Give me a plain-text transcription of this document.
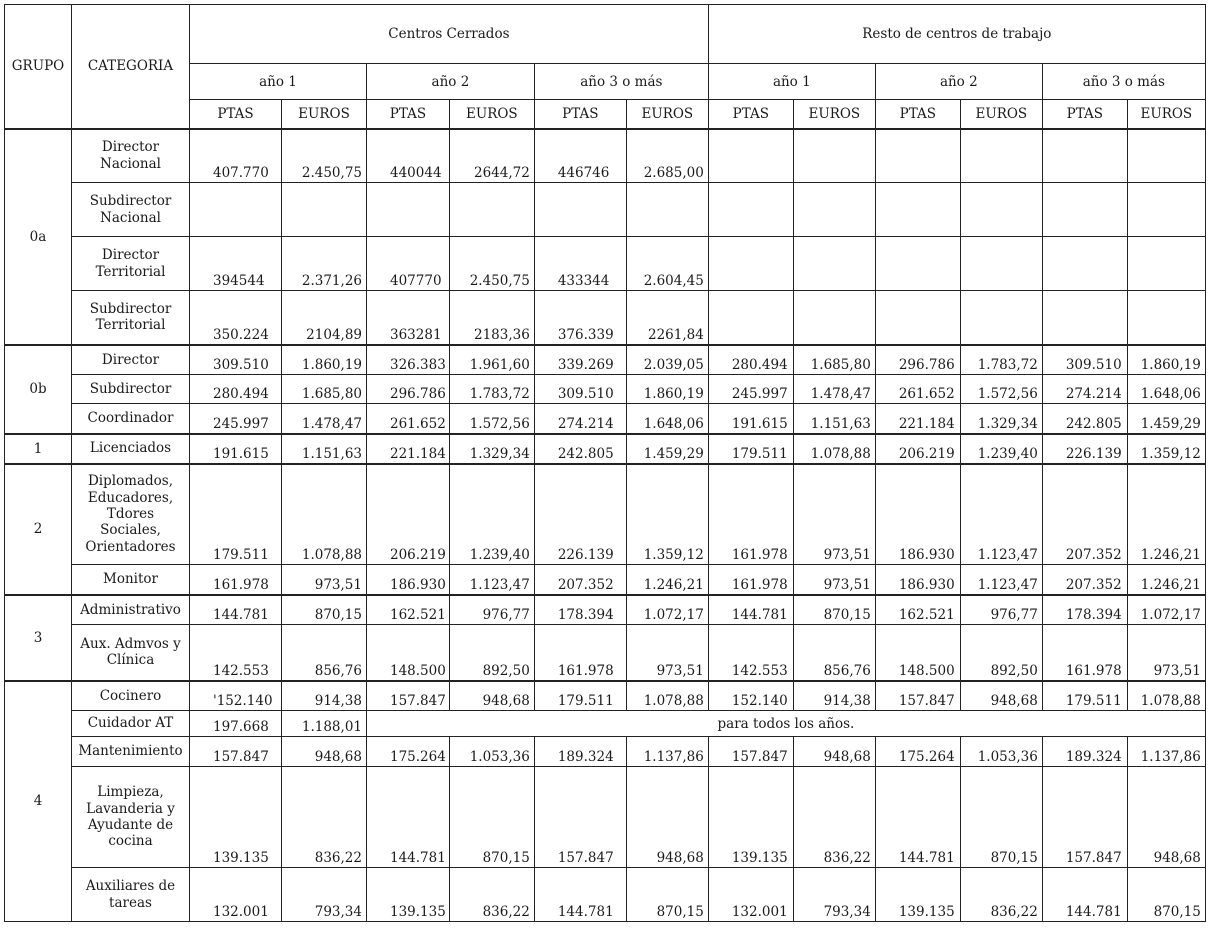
GRUPO	CATEGORIA	Centros Cerrados						Resto de centros de trabajo					
		año 1		año 2		año 3 o más		año 1		año 2		año 3 o más	
		PTAS	EUROS	PTAS	EUROS	PTAS	EUROS	PTAS	EUROS	PTAS	EUROS	PTAS	EUROS
0a	Director Nacional	407.770	2.450,75	440044	2644,72	446746	2.685,00						
	Subdirector Nacional												
	Director Territorial	394544	2.371,26	407770	2.450,75	433344	2.604,45						
	Subdirector Territorial	350.224	2104,89	363281	2183,36	376.339	2261,84						
0b	Director	309.510	1.860,19	326.383	1.961,60	339.269	2.039,05	280.494	1.685,80	296.786	1.783,72	309.510	1.860,19
	Subdirector	280.494	1.685,80	296.786	1.783,72	309.510	1.860,19	245.997	1.478,47	261.652	1.572,56	274.214	1.648,06
	Coordinador	245.997	1.478,47	261.652	1.572,56	274.214	1.648,06	191.615	1.151,63	221.184	1.329,34	242.805	1.459,29
1	Licenciados	191.615	1.151,63	221.184	1.329,34	242.805	1.459,29	179.511	1.078,88	206.219	1.239,40	226.139	1.359,12
2	Diplomados, Educadores, Tdores Sociales, Orientadores	179.511	1.078,88	206.219	1.239,40	226.139	1.359,12	161.978	973,51	186.930	1.123,47	207.352	1.246,21
	Monitor	161.978	973,51	186.930	1.123,47	207.352	1.246,21	161.978	973,51	186.930	1.123,47	207.352	1.246,21
3	Administrativo	144.781	870,15	162.521	976,77	178.394	1.072,17	144.781	870,15	162.521	976,77	178.394	1.072,17
	Aux. Admvos y Clínica	142.553	856,76	148.500	892,50	161.978	973,51	142.553	856,76	148.500	892,50	161.978	973,51
4	Cocinero	'152.140	914,38	157.847	948,68	179.511	1.078,88	152.140	914,38	157.847	948,68	179.511	1.078,88
	Cuidador AT	197.668	1.188,01	para todos los años.									
	Mantenimiento	157.847	948,68	175.264	1.053,36	189.324	1.137,86	157.847	948,68	175.264	1.053,36	189.324	1.137,86
	Limpieza, Lavanderia y Ayudante de cocina	139.135	836,22	144.781	870,15	157.847	948,68	139.135	836,22	144.781	870,15	157.847	948,68
	Auxiliares de tareas	132.001	793,34	139.135	836,22	144.781	870,15	132.001	793,34	139.135	836,22	144.781	870,15
